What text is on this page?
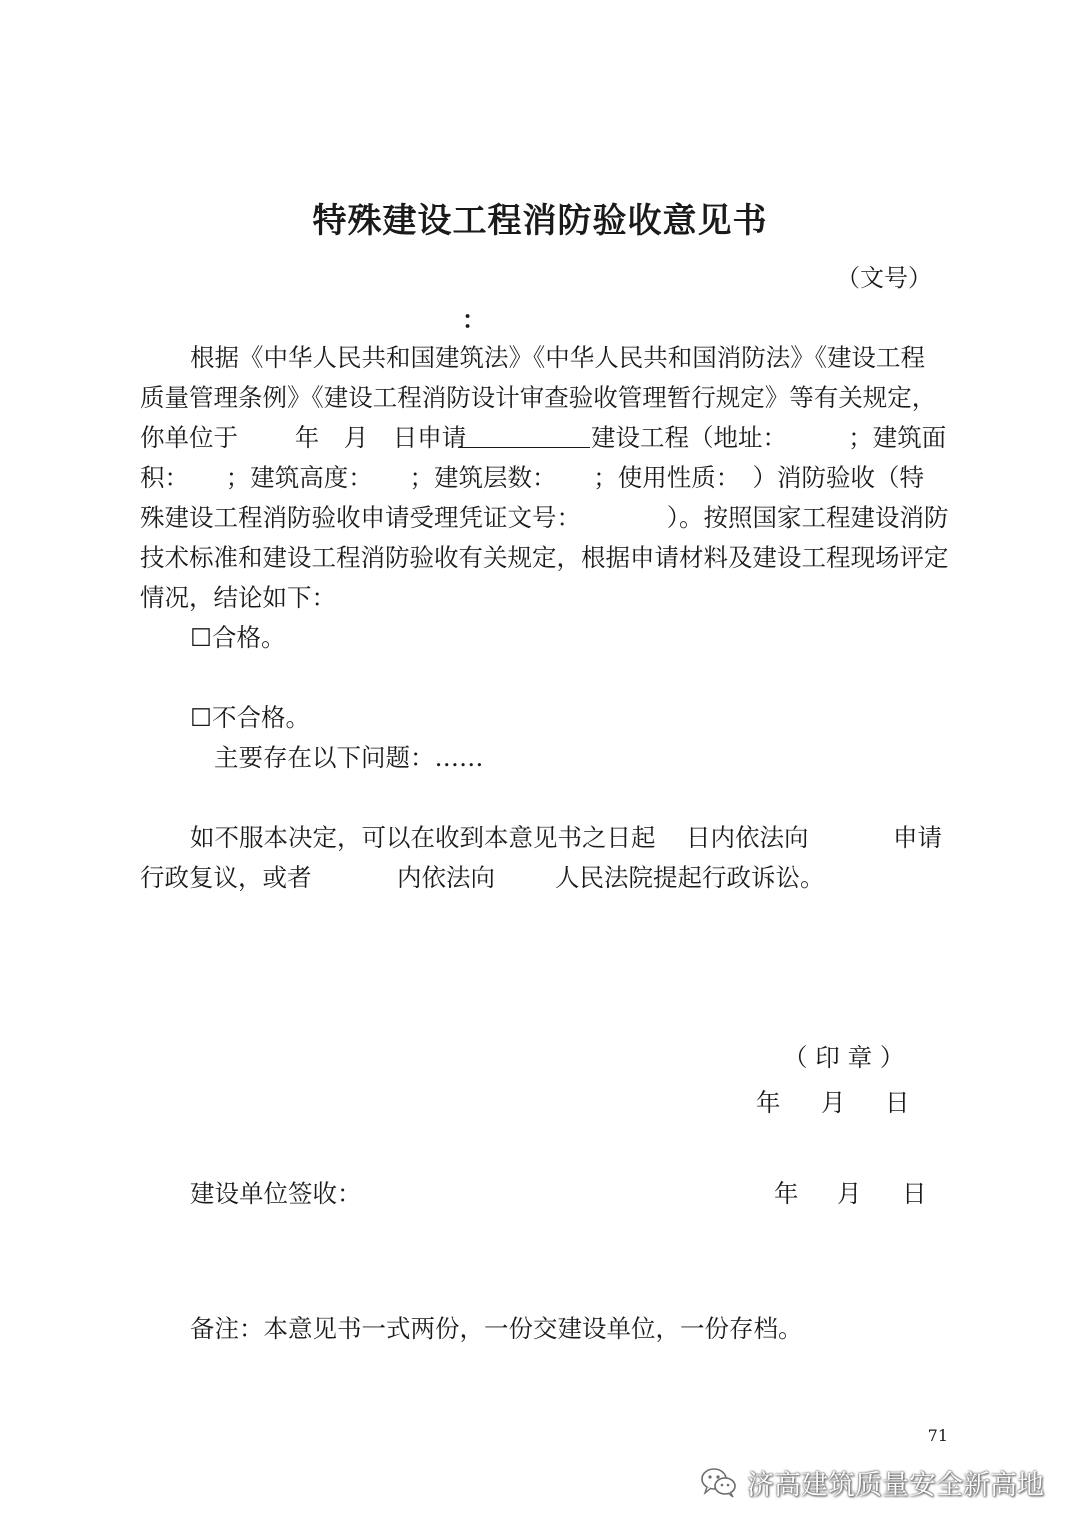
特殊建设工程消防验收意见书
（文号）
：
根据《中华人民共和国建筑法》《中华人民共和国消防法》《建设工程
质量管理条例》《建设工程消防设计审查验收管理暂行规定》等有关规定，
你单位于　　 年　月　日申请	建设工程（地址：　　　；建筑面
积：　　；建筑高度：　　；建筑层数：　　；使用性质：　）消防验收（特
殊建设工程消防验收申请受理凭证文号：　　　　）。按照国家工程建设消防
技术标准和建设工程消防验收有关规定，根据申请材料及建设工程现场评定
情况，结论如下：
☐合格。
☐不合格。
主要存在以下问题：……
如不服本决定，可以在收到本意见书之日起 日内依法向	申请
行政复议，或者	内依法向 人民法院提起行政诉讼。
（ 印 章 ）
年 月 日
建设单位签收：	年 月 日
备注：本意见书一式两份，一份交建设单位，一份存档。
71
济高建筑质量安全新高地
